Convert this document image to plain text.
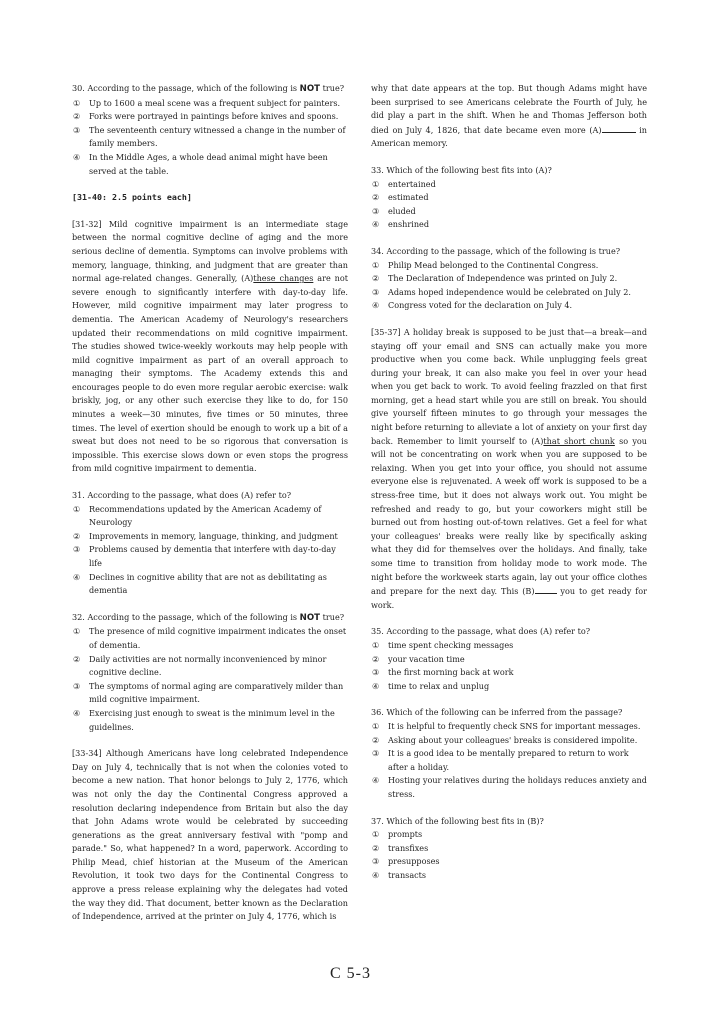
30. According to the passage, which of the following is NOT true?

①	Up to 1600 a meal scene was a frequent subject for painters.
②	Forks were portrayed in paintings before knives and spoons.
③	The seventeenth century witnessed a change in the number of family members.
④	In the Middle Ages, a whole dead animal might have been served at the table.

[31-40: 2.5 points each]

[31-32] Mild cognitive impairment is an intermediate stage between the normal cognitive decline of aging and the more serious decline of dementia. Symptoms can involve problems with memory, language, thinking, and judgment that are greater than normal age-related changes. Generally, (A)these changes are not severe enough to significantly interfere with day-to-day life. However, mild cognitive impairment may later progress to dementia. The American Academy of Neurology's researchers updated their recommendations on mild cognitive impairment. The studies showed twice-weekly workouts may help people with mild cognitive impairment as part of an overall approach to managing their symptoms. The Academy extends this and encourages people to do even more regular aerobic exercise: walk briskly, jog, or any other such exercise they like to do, for 150 minutes a week—30 minutes, five times or 50 minutes, three times. The level of exertion should be enough to work up a bit of a sweat but does not need to be so rigorous that conversation is impossible. This exercise slows down or even stops the progress from mild cognitive impairment to dementia.

31. According to the passage, what does (A) refer to?

①	Recommendations updated by the American Academy of Neurology
②	Improvements in memory, language, thinking, and judgment
③	Problems caused by dementia that interfere with day-to-day life
④	Declines in cognitive ability that are not as debilitating as dementia

32. According to the passage, which of the following is NOT true?

①	The presence of mild cognitive impairment indicates the onset of dementia.
②	Daily activities are not normally inconvenienced by minor cognitive decline.
③	The symptoms of normal aging are comparatively milder than mild cognitive impairment.
④	Exercising just enough to sweat is the minimum level in the guidelines.

[33-34] Although Americans have long celebrated Independence Day on July 4, technically that is not when the colonies voted to become a new nation. That honor belongs to July 2, 1776, which was not only the day the Continental Congress approved a resolution declaring independence from Britain but also the day that John Adams wrote would be celebrated by succeeding generations as the great anniversary festival with "pomp and parade." So, what happened? In a word, paperwork. According to Philip Mead, chief historian at the Museum of the American Revolution, it took two days for the Continental Congress to approve a press release explaining why the delegates had voted the way they did. That document, better known as the Declaration of Independence, arrived at the printer on July 4, 1776, which is

why that date appears at the top. But though Adams might have been surprised to see Americans celebrate the Fourth of July, he did play a part in the shift. When he and Thomas Jefferson both died on July 4, 1826, that date became even more (A)	in American memory.

33. Which of the following best fits into (A)?

①	entertained
②	estimated
③	eluded
④	enshrined

34. According to the passage, which of the following is true?

①	Philip Mead belonged to the Continental Congress.
②	The Declaration of Independence was printed on July 2.
③	Adams hoped independence would be celebrated on July 2.
④	Congress voted for the declaration on July 4.

[35-37] A holiday break is supposed to be just that—a break—and staying off your email and SNS can actually make you more productive when you come back. While unplugging feels great during your break, it can also make you feel in over your head when you get back to work. To avoid feeling frazzled on that first morning, get a head start while you are still on break. You should give yourself fifteen minutes to go through your messages the night before returning to alleviate a lot of anxiety on your first day back. Remember to limit yourself to (A)that short chunk so you will not be concentrating on work when you are supposed to be relaxing. When you get into your office, you should not assume everyone else is rejuvenated. A week off work is supposed to be a stress-free time, but it does not always work out. You might be refreshed and ready to go, but your coworkers might still be burned out from hosting out-of-town relatives. Get a feel for what your colleagues' breaks were really like by specifically asking what they did for themselves over the holidays. And finally, take some time to transition from holiday mode to work mode. The night before the workweek starts again, lay out your office clothes and prepare for the next day. This (B)	you to get ready for work.

35. According to the passage, what does (A) refer to?

①	time spent checking messages
②	your vacation time
③	the first morning back at work
④	time to relax and unplug

36. Which of the following can be inferred from the passage?

①	It is helpful to frequently check SNS for important messages.
②	Asking about your colleagues' breaks is considered impolite.
③	It is a good idea to be mentally prepared to return to work after a holiday.
④	Hosting your relatives during the holidays reduces anxiety and stress.

37. Which of the following best fits in (B)?

①	prompts
②	transfixes
③	presupposes
④	transacts
C 5-3
